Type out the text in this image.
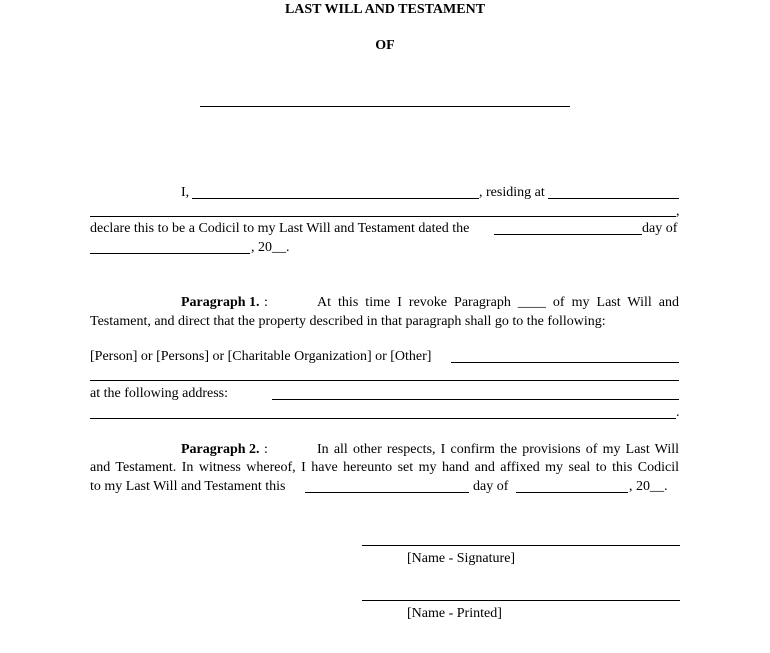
LAST WILL AND TESTAMENT
OF
I,	, residing at
,
declare this to be a Codicil to my Last Will and Testament dated the	day of
, 20__.
Paragraph 1. :	At this time I revoke Paragraph ____ of my Last Will and
Testament, and direct that the property described in that paragraph shall go to the following:
[Person] or [Persons] or [Charitable Organization] or [Other]
at the following address:
.
Paragraph 2. :	In all other respects, I confirm the provisions of my Last Will
and Testament. In witness whereof, I have hereunto set my hand and affixed my seal to this Codicil
to my Last Will and Testament this	day of	, 20__.
[Name - Signature]
[Name - Printed]
